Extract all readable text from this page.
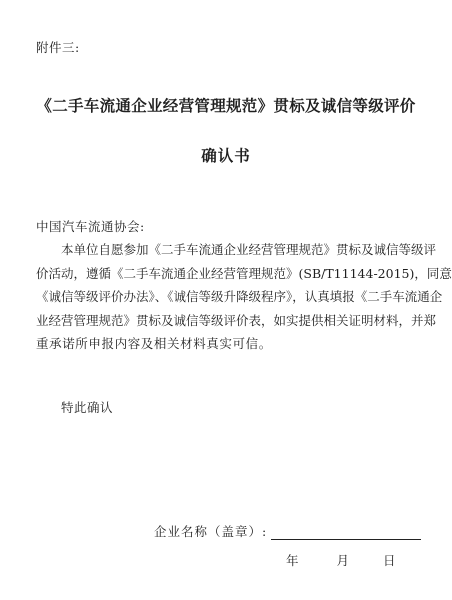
附件三:
《二手车流通企业经营管理规范》贯标及诚信等级评价
确认书
中国汽车流通协会:
本单位自愿参加《二手车流通企业经营管理规范》贯标及诚信等级评
价活动，遵循《二手车流通企业经营管理规范》(SB/T11144-2015)，同意
《诚信等级评价办法》、《诚信等级升降级程序》，认真填报《二手车流通企
业经营管理规范》贯标及诚信等级评价表，如实提供相关证明材料，并郑
重承诺所申报内容及相关材料真实可信。
特此确认
企业名称（盖章）:
年	月	日
